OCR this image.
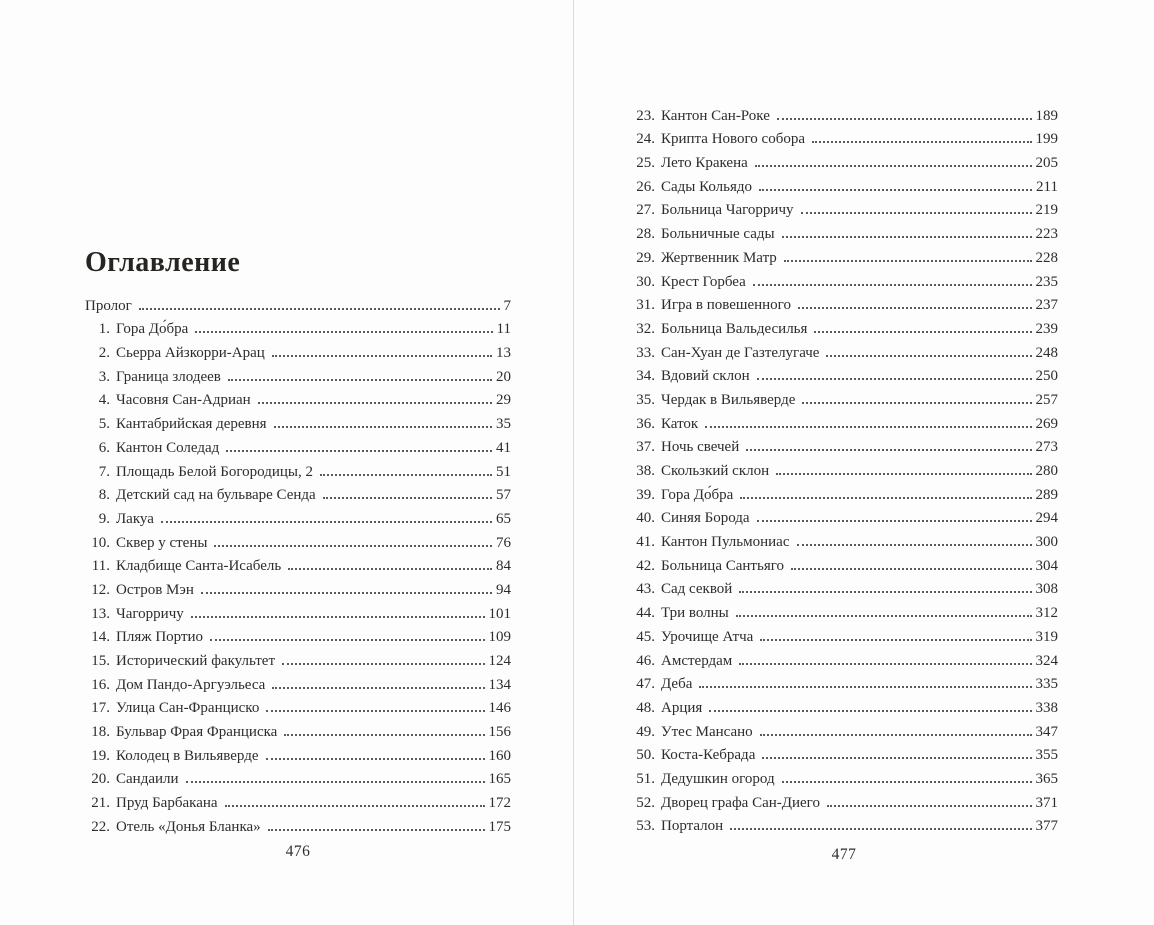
Оглавление
Пролог	7
1. Гора До́бра	11
2. Сьерра Айзкорри-Арац	13
3. Граница злодеев	20
4. Часовня Сан-Адриан	29
5. Кантабрийская деревня	35
6. Кантон Соледад	41
7. Площадь Белой Богородицы, 2	51
8. Детский сад на бульваре Сенда	57
9. Лакуа	65
10. Сквер у стены	76
11. Кладбище Санта-Исабель	84
12. Остров Мэн	94
13. Чагорричу	101
14. Пляж Портио	109
15. Исторический факультет	124
16. Дом Пандо-Аргуэльеса	134
17. Улица Сан-Франциско	146
18. Бульвар Фрая Франциска	156
19. Колодец в Вильяверде	160
20. Сандаили	165
21. Пруд Барбакана	172
22. Отель «Донья Бланка»	175
476
23. Кантон Сан-Роке	189
24. Крипта Нового собора	199
25. Лето Кракена	205
26. Сады Кольядо	211
27. Больница Чагорричу	219
28. Больничные сады	223
29. Жертвенник Матр	228
30. Крест Горбеа	235
31. Игра в повешенного	237
32. Больница Вальдесилья	239
33. Сан-Хуан де Газтелугаче	248
34. Вдовий склон	250
35. Чердак в Вильяверде	257
36. Каток	269
37. Ночь свечей	273
38. Скользкий склон	280
39. Гора До́бра	289
40. Синяя Борода	294
41. Кантон Пульмониас	300
42. Больница Сантьяго	304
43. Сад секвой	308
44. Три волны	312
45. Урочище Атча	319
46. Амстердам	324
47. Деба	335
48. Арция	338
49. Утес Мансано	347
50. Коста-Кебрада	355
51. Дедушкин огород	365
52. Дворец графа Сан-Диего	371
53. Порталон	377
477
